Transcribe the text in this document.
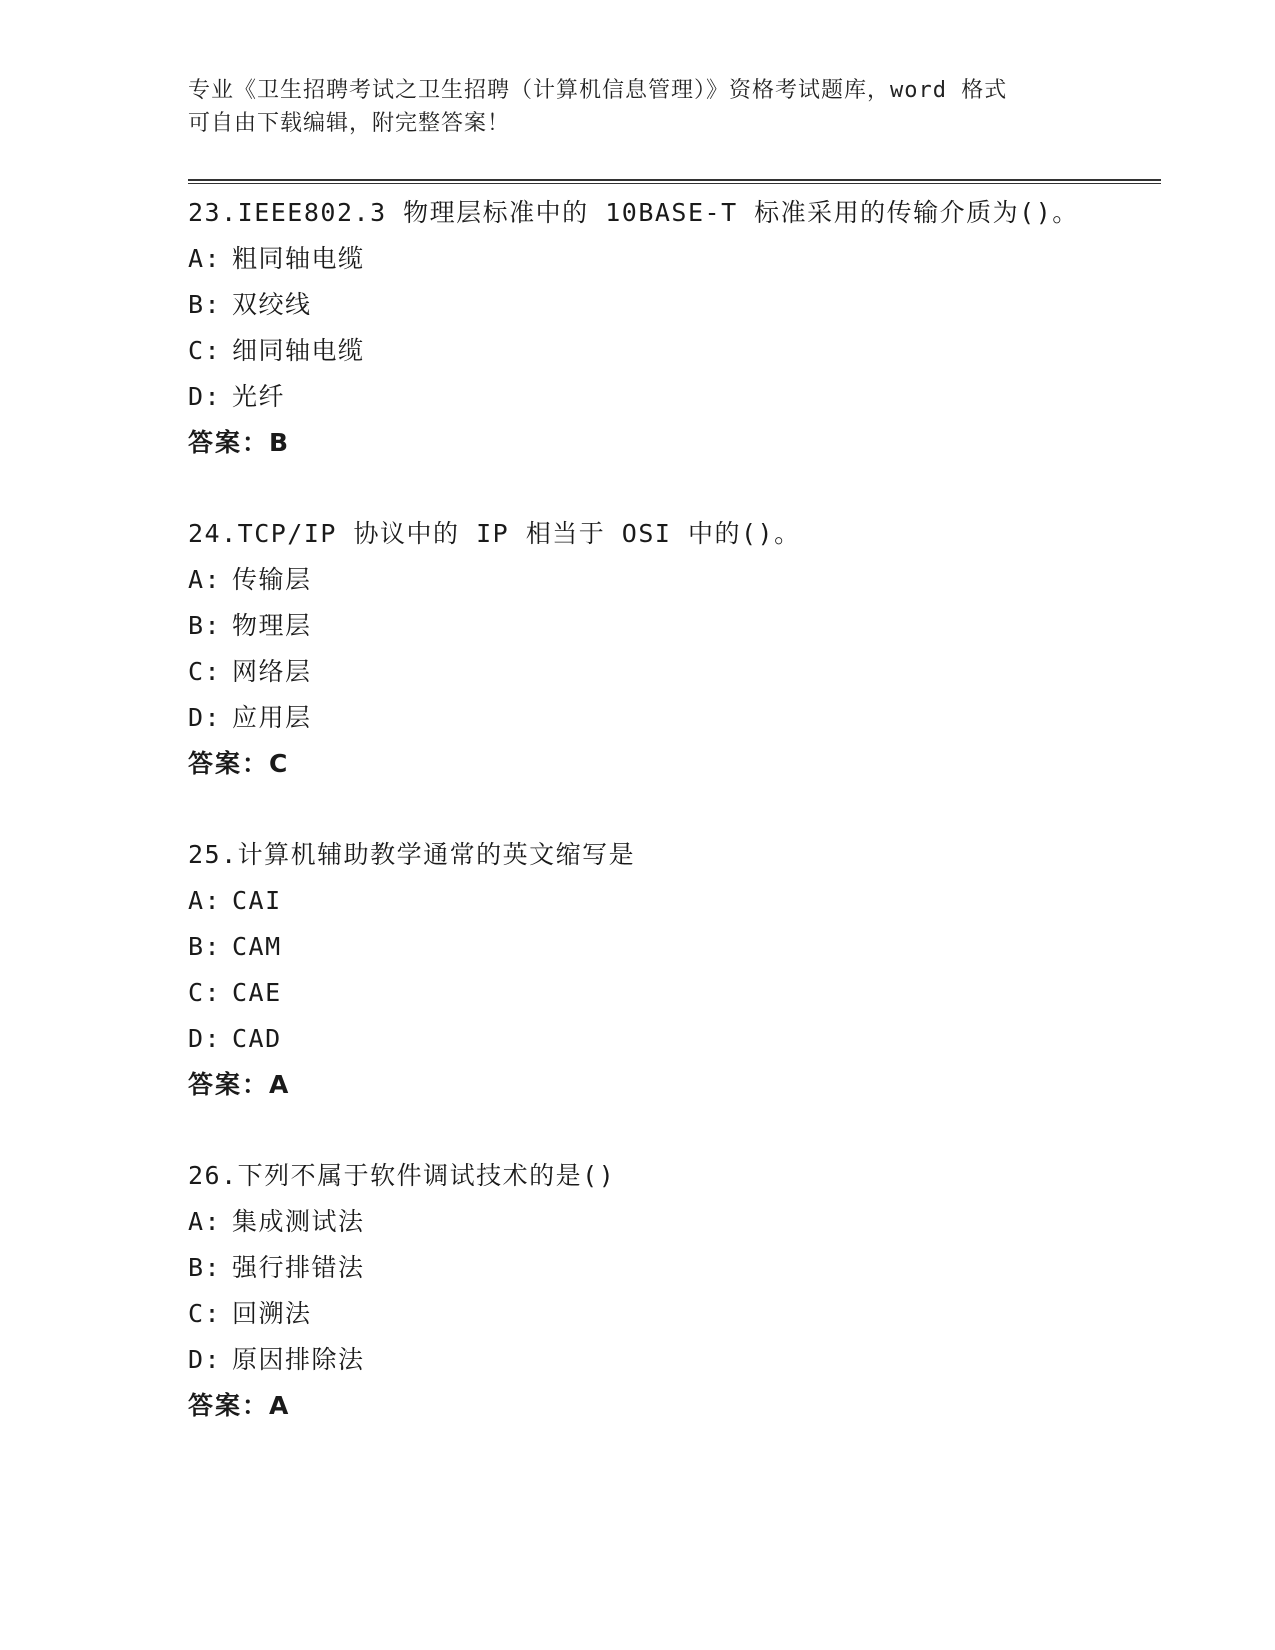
专业《卫生招聘考试之卫生招聘（计算机信息管理）》资格考试题库，word 格式
可自由下载编辑，附完整答案！
23.IEEE802.3 物理层标准中的 10BASE-T 标准采用的传输介质为()。
A: 粗同轴电缆
B: 双绞线
C: 细同轴电缆
D: 光纤
答案：B
24.TCP/IP 协议中的 IP 相当于 OSI 中的()。
A: 传输层
B: 物理层
C: 网络层
D: 应用层
答案：C
25.计算机辅助教学通常的英文缩写是
A: CAI
B: CAM
C: CAE
D: CAD
答案：A
26.下列不属于软件调试技术的是()
A: 集成测试法
B: 强行排错法
C: 回溯法
D: 原因排除法
答案：A
